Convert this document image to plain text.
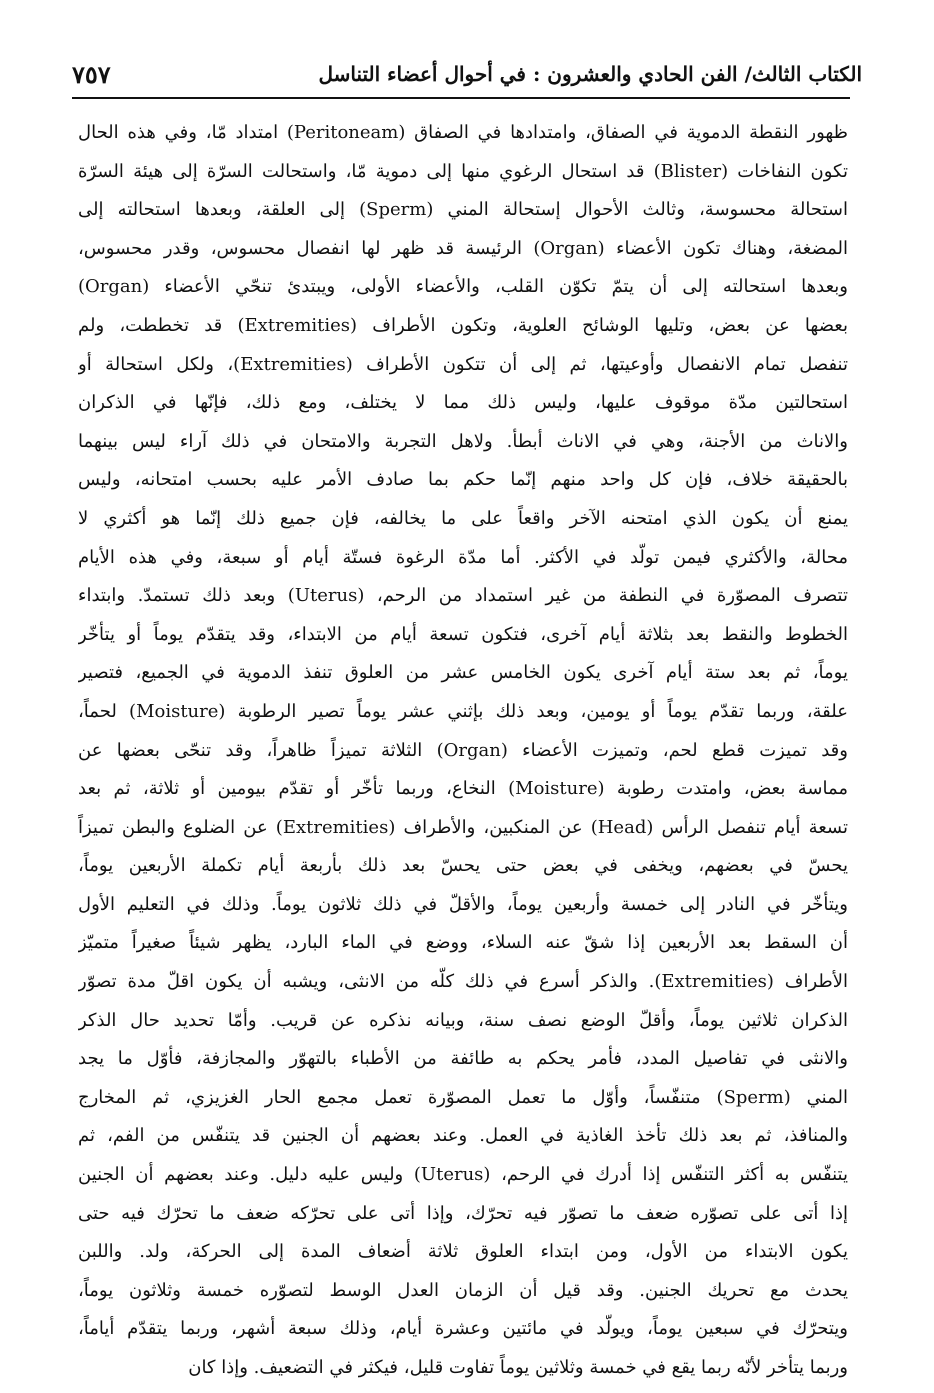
الكتاب الثالث/ الفن الحادي والعشرون : في أحوال أعضاء التناسل
٧٥٧
ظهور النقطة الدموية في الصفاق، وامتدادها في الصفاق (Peritoneam) امتداد مّا، وفي هذه الحال
تكون النفاخات (Blister) قد استحال الرغوي منها إلى دموية مّا، واستحالت السرّة إلى هيئة السرّة
استحالة محسوسة، وثالث الأحوال إستحالة المني (Sperm) إلى العلقة، وبعدها استحالته إلى
المضغة، وهناك تكون الأعضاء (Organ) الرئيسة قد ظهر لها انفصال محسوس، وقدر محسوس،
وبعدها استحالته إلى أن يتمّ تكوّن القلب، والأعضاء الأولى، ويبتدئ تنحّي الأعضاء (Organ)
بعضها عن بعض، وتليها الوشائح العلوية، وتكون الأطراف (Extremities) قد تخططت، ولم
تنفصل تمام الانفصال وأوعيتها، ثم إلى أن تتكون الأطراف (Extremities)، ولكل استحالة أو
استحالتين مدّة موقوف عليها، وليس ذلك مما لا يختلف، ومع ذلك، فإنّها في الذكران
والاناث من الأجنة، وهي في الاناث أبطأ. ولاهل التجربة والامتحان في ذلك آراء ليس بينهما
بالحقيقة خلاف، فإن كل واحد منهم إنّما حكم بما صادف الأمر عليه بحسب امتحانه، وليس
يمنع أن يكون الذي امتحنه الآخر واقعاً على ما يخالفه، فإن جميع ذلك إنّما هو أكثري لا
محالة، والأكثري فيمن تولّد في الأكثر. أما مدّة الرغوة فستّة أيام أو سبعة، وفي هذه الأيام
تتصرف المصوّرة في النطفة من غير استمداد من الرحم، (Uterus) وبعد ذلك تستمدّ. وابتداء
الخطوط والنقط بعد بثلاثة أيام آخرى، فتكون تسعة أيام من الابتداء، وقد يتقدّم يوماً أو يتأخّر
يوماً، ثم بعد ستة أيام آخرى يكون الخامس عشر من العلوق تنفذ الدموية في الجميع، فتصير
علقة، وربما تقدّم يوماً أو يومين، وبعد ذلك بإثني عشر يوماً تصير الرطوبة (Moisture) لحماً،
وقد تميزت قطع لحم، وتميزت الأعضاء (Organ) الثلاثة تميزاً ظاهراً، وقد تنحّى بعضها عن
مماسة بعض، وامتدت رطوبة (Moisture) النخاع، وربما تأخّر أو تقدّم بيومين أو ثلاثة، ثم بعد
تسعة أيام تنفصل الرأس (Head) عن المنكبين، والأطراف (Extremities) عن الضلوع والبطن تميزاً
يحسّ في بعضهم، ويخفى في بعض حتى يحسّ بعد ذلك بأربعة أيام تكملة الأربعين يوماً،
ويتأخّر في النادر إلى خمسة وأربعين يوماً، والأقلّ في ذلك ثلاثون يوماً. وذلك في التعليم الأول
أن السقط بعد الأربعين إذا شقّ عنه السلاء، ووضع في الماء البارد، يظهر شيئاً صغيراً متميّز
الأطراف (Extremities). والذكر أسرع في ذلك كلّه من الانثى، ويشبه أن يكون اقلّ مدة تصوّر
الذكران ثلاثين يوماً، وأقلّ الوضع نصف سنة، وبيانه نذكره عن قريب. وأمّا تحديد حال الذكر
والانثى في تفاصيل المدد، فأمر يحكم به طائفة من الأطباء بالتهوّر والمجازفة، فأوّل ما يجد
المني (Sperm) متنفّساً، وأوّل ما تعمل المصوّرة تعمل مجمع الحار الغزيزي، ثم المخارج
والمنافذ، ثم بعد ذلك تأخذ الغاذية في العمل. وعند بعضهم أن الجنين قد يتنفّس من الفم، ثم
يتنفّس به أكثر التنفّس إذا أدرك في الرحم، (Uterus) وليس عليه دليل. وعند بعضهم أن الجنين
إذا أتى على تصوّره ضعف ما تصوّر فيه تحرّك، وإذا أتى على تحرّكه ضعف ما تحرّك فيه حتى
يكون الابتداء من الأول، ومن ابتداء العلوق ثلاثة أضعاف المدة إلى الحركة، ولد. واللبن
يحدث مع تحريك الجنين. وقد قيل أن الزمان العدل الوسط لتصوّره خمسة وثلاثون يوماً،
ويتحرّك في سبعين يوماً، ويولّد في مائتين وعشرة أيام، وذلك سبعة أشهر، وربما يتقدّم أياماً،
وربما يتأخر لأنّه ربما يقع في خمسة وثلاثين يوماً تفاوت قليل، فيكثر في التضعيف. وإذا كان
